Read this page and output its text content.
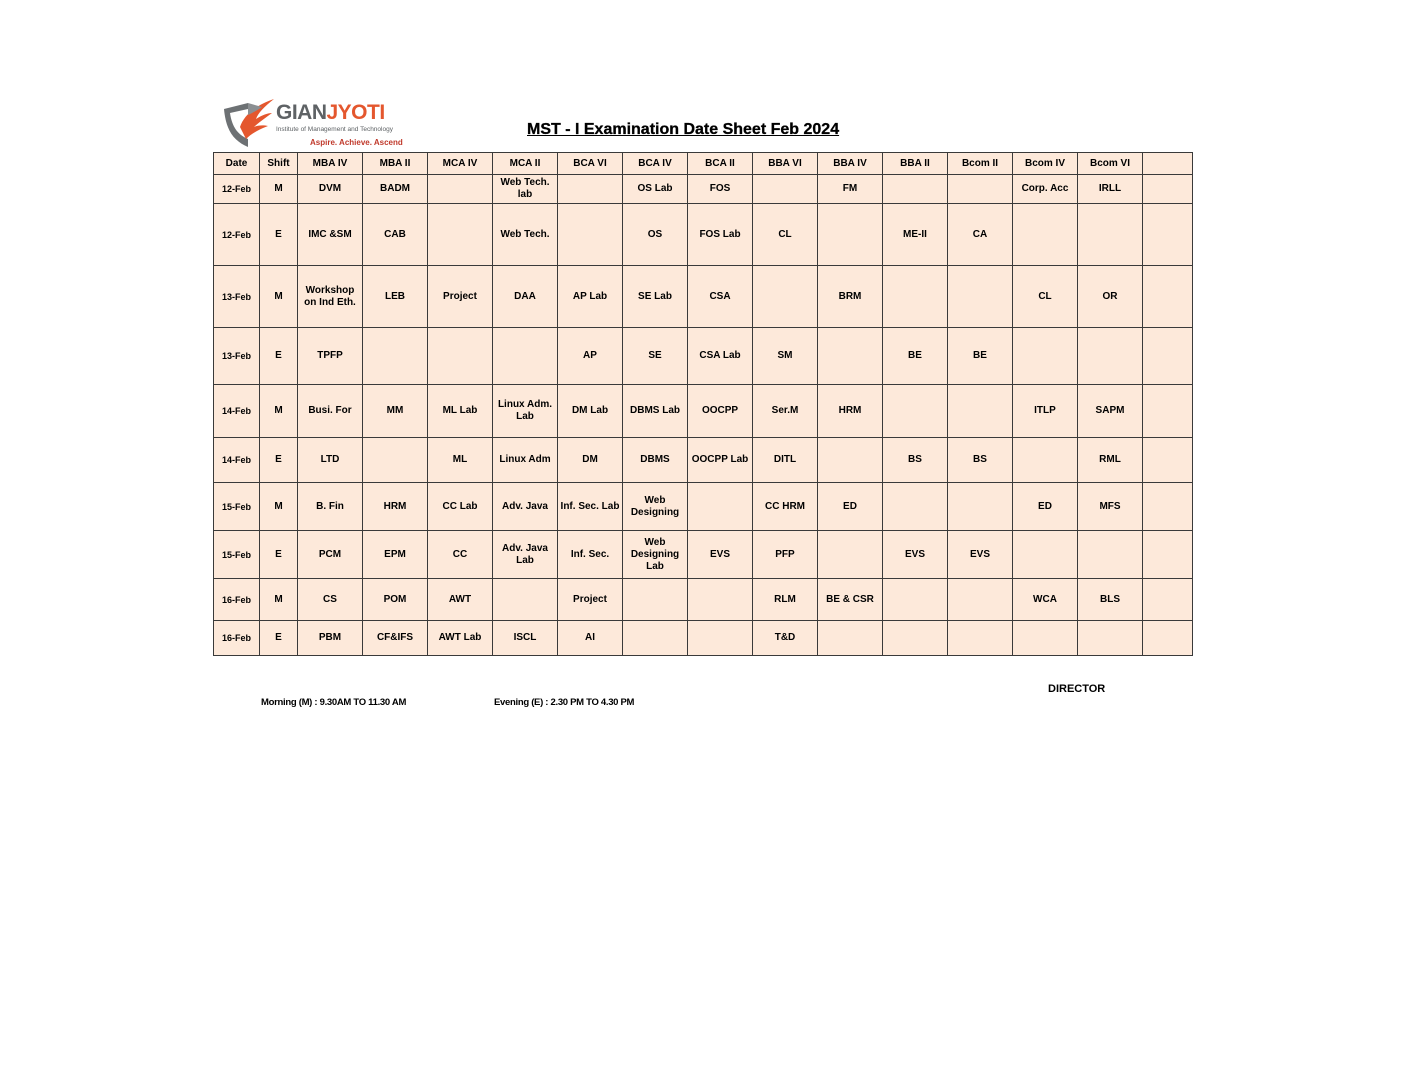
GIANJYOTI
Institute of Management and Technology
Aspire. Achieve. Ascend
MST - I Examination Date Sheet Feb 2024
Date	Shift	MBA IV	MBA II	MCA IV	MCA II	BCA VI	BCA IV	BCA II	BBA VI	BBA IV	BBA II	Bcom II	Bcom IV	Bcom VI	
12-Feb	M	DVM	BADM		Web Tech. lab		OS Lab	FOS		FM			Corp. Acc	IRLL	
12-Feb	E	IMC &SM	CAB		Web Tech.		OS	FOS Lab	CL		ME-II	CA			
13-Feb	M	Workshop on Ind Eth.	LEB	Project	DAA	AP Lab	SE Lab	CSA		BRM			CL	OR	
13-Feb	E	TPFP				AP	SE	CSA Lab	SM		BE	BE			
14-Feb	M	Busi. For	MM	ML Lab	Linux Adm. Lab	DM Lab	DBMS Lab	OOCPP	Ser.M	HRM			ITLP	SAPM	
14-Feb	E	LTD		ML	Linux Adm	DM	DBMS	OOCPP Lab	DITL		BS	BS		RML	
15-Feb	M	B. Fin	HRM	CC Lab	Adv. Java	Inf. Sec. Lab	Web Designing		CC HRM	ED			ED	MFS	
15-Feb	E	PCM	EPM	CC	Adv. Java Lab	Inf. Sec.	Web Designing Lab	EVS	PFP		EVS	EVS			
16-Feb	M	CS	POM	AWT		Project			RLM	BE & CSR			WCA	BLS	
16-Feb	E	PBM	CF&IFS	AWT Lab	ISCL	AI			T&D						
Morning (M) : 9.30AM TO 11.30 AM	Evening (E) : 2.30 PM TO 4.30 PM
DIRECTOR
